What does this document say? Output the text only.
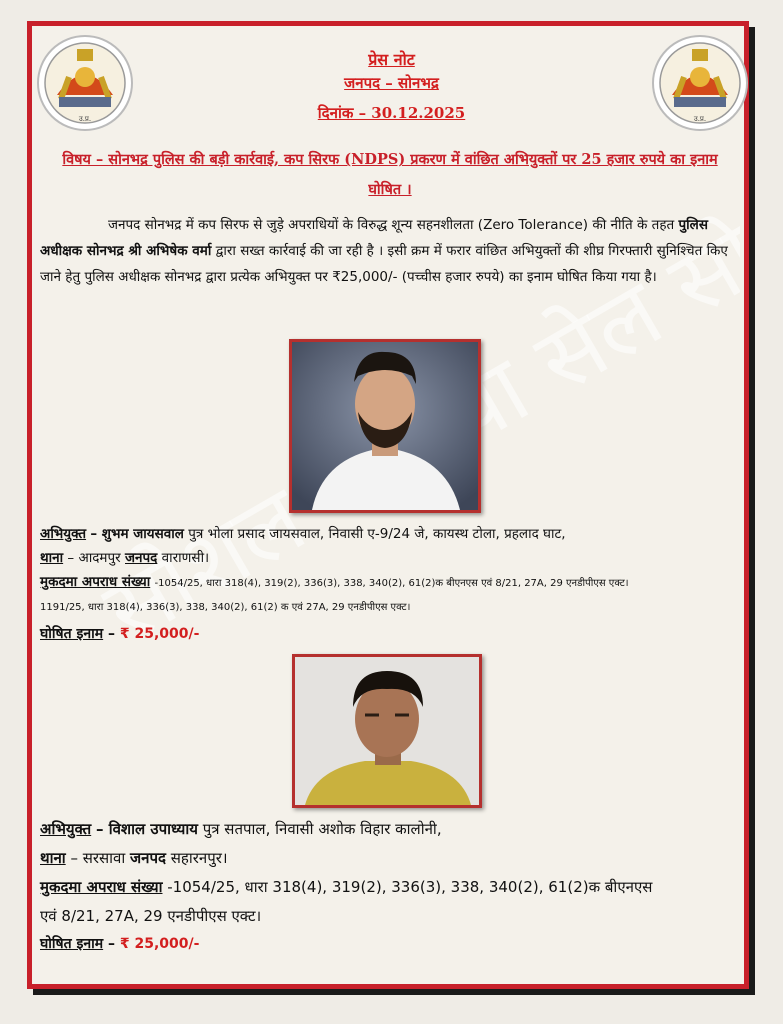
सोशल सेल सोनभद्र
उ.प्र.	उ.प्र.
प्रेस नोट
जनपद – सोनभद्र
दिनांक – 30.12.2025
विषय – सोनभद्र पुलिस की बड़ी कार्रवाई, कप सिरफ (NDPS) प्रकरण में वांछित अभियुक्तों पर 25 हजार रुपये का इनाम घोषित ।
जनपद सोनभद्र में कप सिरफ से जुड़े अपराधियों के विरुद्ध शून्य सहनशीलता (Zero Tolerance) की नीति के तहत पुलिस अधीक्षक सोनभद्र श्री अभिषेक वर्मा द्वारा सख्त कार्रवाई की जा रही है । इसी क्रम में फरार वांछित अभियुक्तों की शीघ्र गिरफ्तारी सुनिश्चित किए जाने हेतु पुलिस अधीक्षक सोनभद्र द्वारा प्रत्येक अभियुक्त पर ₹25,000/- (पच्चीस हजार रुपये) का इनाम घोषित किया गया है।
अभियुक्त – शुभम जायसवाल पुत्र भोला प्रसाद जायसवाल, निवासी ए-9/24 जे, कायस्थ टोला, प्रहलाद घाट,
थाना – आदमपुर जनपद वाराणसी।
मुकदमा अपराध संख्या -1054/25, धारा 318(4), 319(2), 336(3), 338, 340(2), 61(2)क बीएनएस एवं 8/21, 27A, 29 एनडीपीएस एक्ट।
1191/25, धारा 318(4), 336(3), 338, 340(2), 61(2) क एवं 27A, 29 एनडीपीएस एक्ट।
घोषित इनाम – ₹ 25,000/-
अभियुक्त – विशाल उपाध्याय पुत्र सतपाल, निवासी अशोक विहार कालोनी,
थाना – सरसावा जनपद सहारनपुर।
मुकदमा अपराध संख्या -1054/25, धारा 318(4), 319(2), 336(3), 338, 340(2), 61(2)क बीएनएस
एवं 8/21, 27A, 29 एनडीपीएस एक्ट।
घोषित इनाम – ₹ 25,000/-
